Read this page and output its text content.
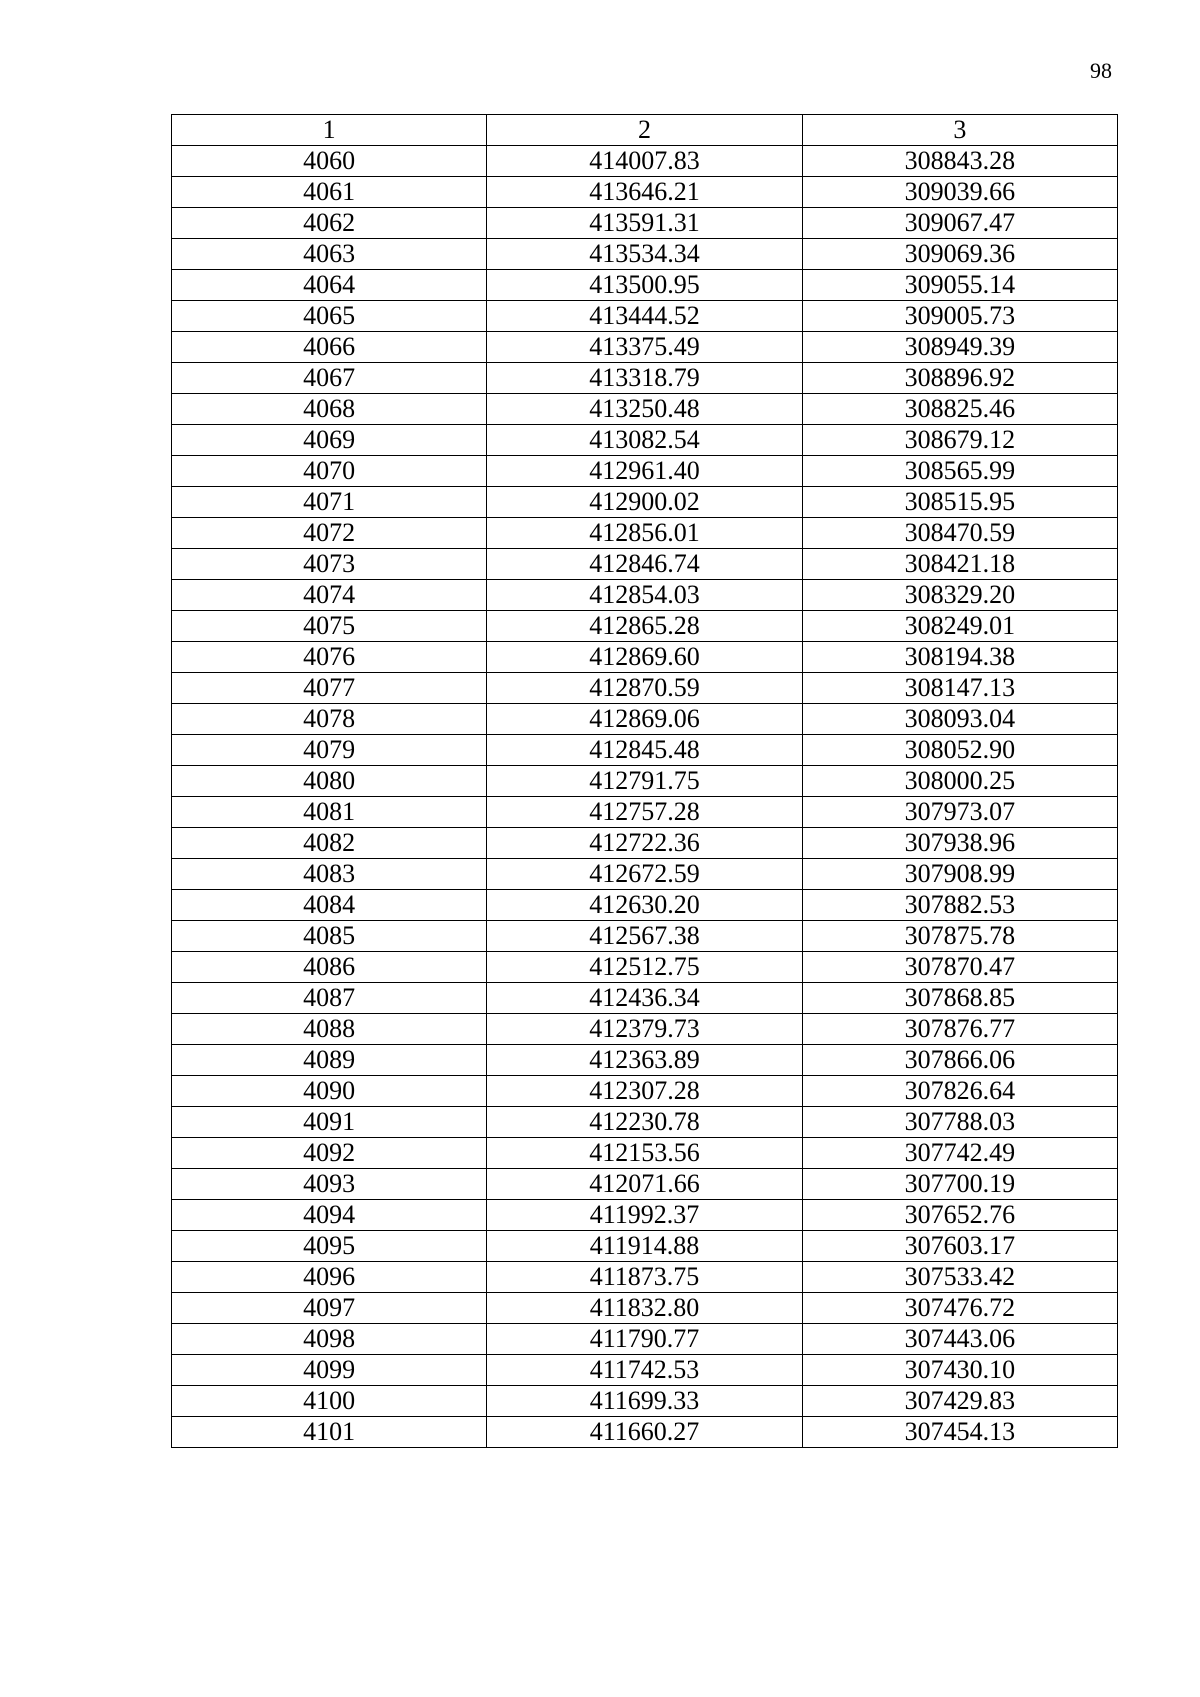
98
1	2	3
4060	414007.83	308843.28
4061	413646.21	309039.66
4062	413591.31	309067.47
4063	413534.34	309069.36
4064	413500.95	309055.14
4065	413444.52	309005.73
4066	413375.49	308949.39
4067	413318.79	308896.92
4068	413250.48	308825.46
4069	413082.54	308679.12
4070	412961.40	308565.99
4071	412900.02	308515.95
4072	412856.01	308470.59
4073	412846.74	308421.18
4074	412854.03	308329.20
4075	412865.28	308249.01
4076	412869.60	308194.38
4077	412870.59	308147.13
4078	412869.06	308093.04
4079	412845.48	308052.90
4080	412791.75	308000.25
4081	412757.28	307973.07
4082	412722.36	307938.96
4083	412672.59	307908.99
4084	412630.20	307882.53
4085	412567.38	307875.78
4086	412512.75	307870.47
4087	412436.34	307868.85
4088	412379.73	307876.77
4089	412363.89	307866.06
4090	412307.28	307826.64
4091	412230.78	307788.03
4092	412153.56	307742.49
4093	412071.66	307700.19
4094	411992.37	307652.76
4095	411914.88	307603.17
4096	411873.75	307533.42
4097	411832.80	307476.72
4098	411790.77	307443.06
4099	411742.53	307430.10
4100	411699.33	307429.83
4101	411660.27	307454.13
